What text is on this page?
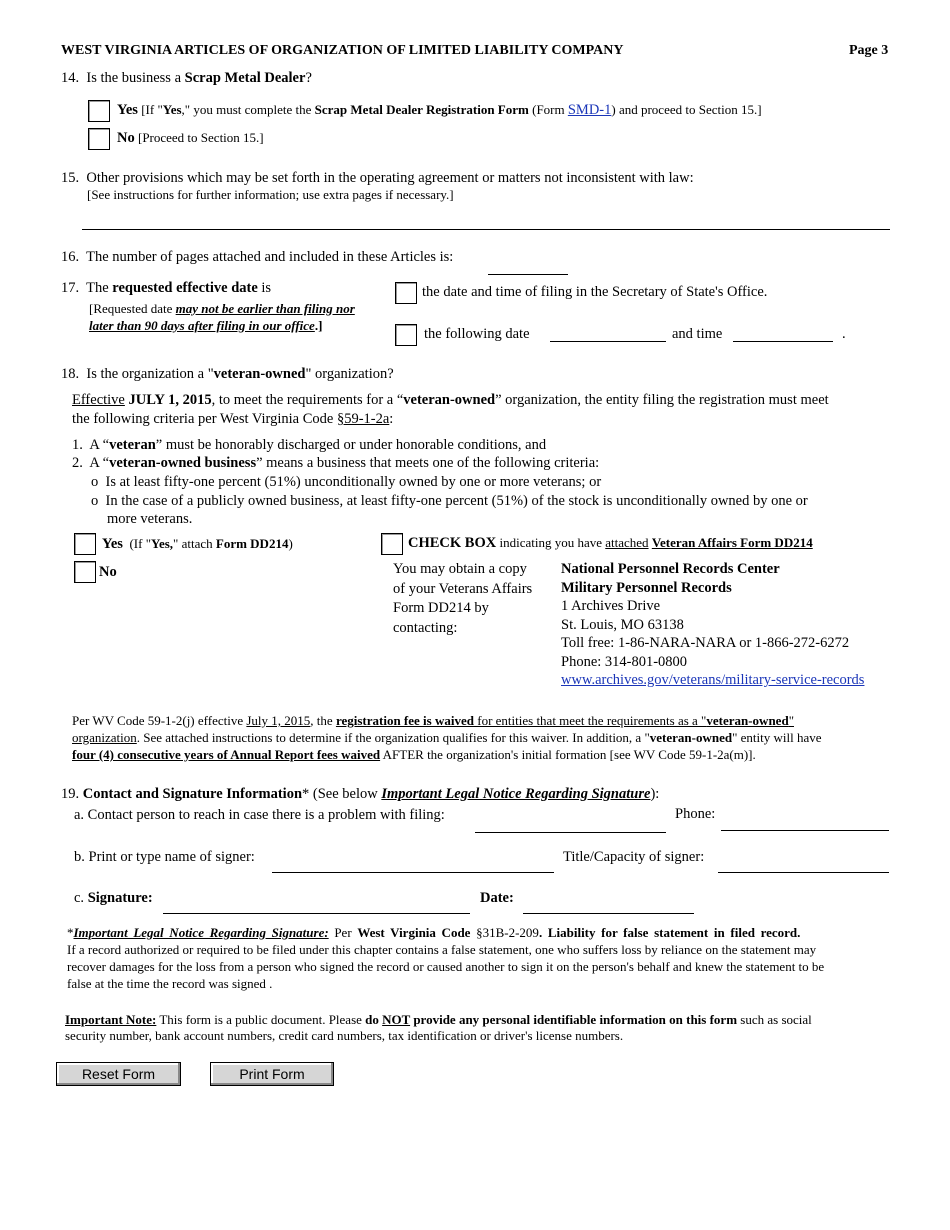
WEST VIRGINIA ARTICLES OF ORGANIZATION OF LIMITED LIABILITY COMPANY	Page 3
14. Is the business a Scrap Metal Dealer?
Yes [If "Yes," you must complete the Scrap Metal Dealer Registration Form (Form SMD-1) and proceed to Section 15.]
No [Proceed to Section 15.]
15. Other provisions which may be set forth in the operating agreement or matters not inconsistent with law:
[See instructions for further information; use extra pages if necessary.]
16. The number of pages attached and included in these Articles is:
17. The requested effective date is
[Requested date may not be earlier than filing nor
later than 90 days after filing in our office.]
the date and time of filing in the Secretary of State's Office.
the following date	and time	.
18. Is the organization a "veteran-owned" organization?
Effective JULY 1, 2015, to meet the requirements for a “veteran-owned” organization, the entity filing the registration must meet
the following criteria per West Virginia Code §59-1-2a:
1. A “veteran” must be honorably discharged or under honorable conditions, and
2. A “veteran-owned business” means a business that meets one of the following criteria:
o Is at least fifty-one percent (51%) unconditionally owned by one or more veterans; or
o In the case of a publicly owned business, at least fifty-one percent (51%) of the stock is unconditionally owned by one or
more veterans.
Yes (If "Yes," attach Form DD214)
No
CHECK BOX indicating you have attached Veteran Affairs Form DD214
You may obtain a copy
of your Veterans Affairs
Form DD214 by
contacting:
National Personnel Records Center
Military Personnel Records
1 Archives Drive
St. Louis, MO 63138
Toll free: 1-86-NARA-NARA or 1-866-272-6272
Phone: 314-801-0800
www.archives.gov/veterans/military-service-records
Per WV Code 59-1-2(j) effective July 1, 2015, the registration fee is waived for entities that meet the requirements as a "veteran-owned"
organization. See attached instructions to determine if the organization qualifies for this waiver. In addition, a "veteran-owned" entity will have
four (4) consecutive years of Annual Report fees waived AFTER the organization's initial formation [see WV Code 59-1-2a(m)].
19. Contact and Signature Information* (See below Important Legal Notice Regarding Signature):
a. Contact person to reach in case there is a problem with filing:	Phone:
b. Print or type name of signer:	Title/Capacity of signer:
c. Signature:	Date:
*Important Legal Notice Regarding Signature: Per West Virginia Code §31B-2-209. Liability for false statement in filed record.
If a record authorized or required to be filed under this chapter contains a false statement, one who suffers loss by reliance on the statement may
recover damages for the loss from a person who signed the record or caused another to sign it on the person's behalf and knew the statement to be
false at the time the record was signed .
Important Note: This form is a public document. Please do NOT provide any personal identifiable information on this form such as social
security number, bank account numbers, credit card numbers, tax identification or driver's license numbers.
Reset Form	Print Form
